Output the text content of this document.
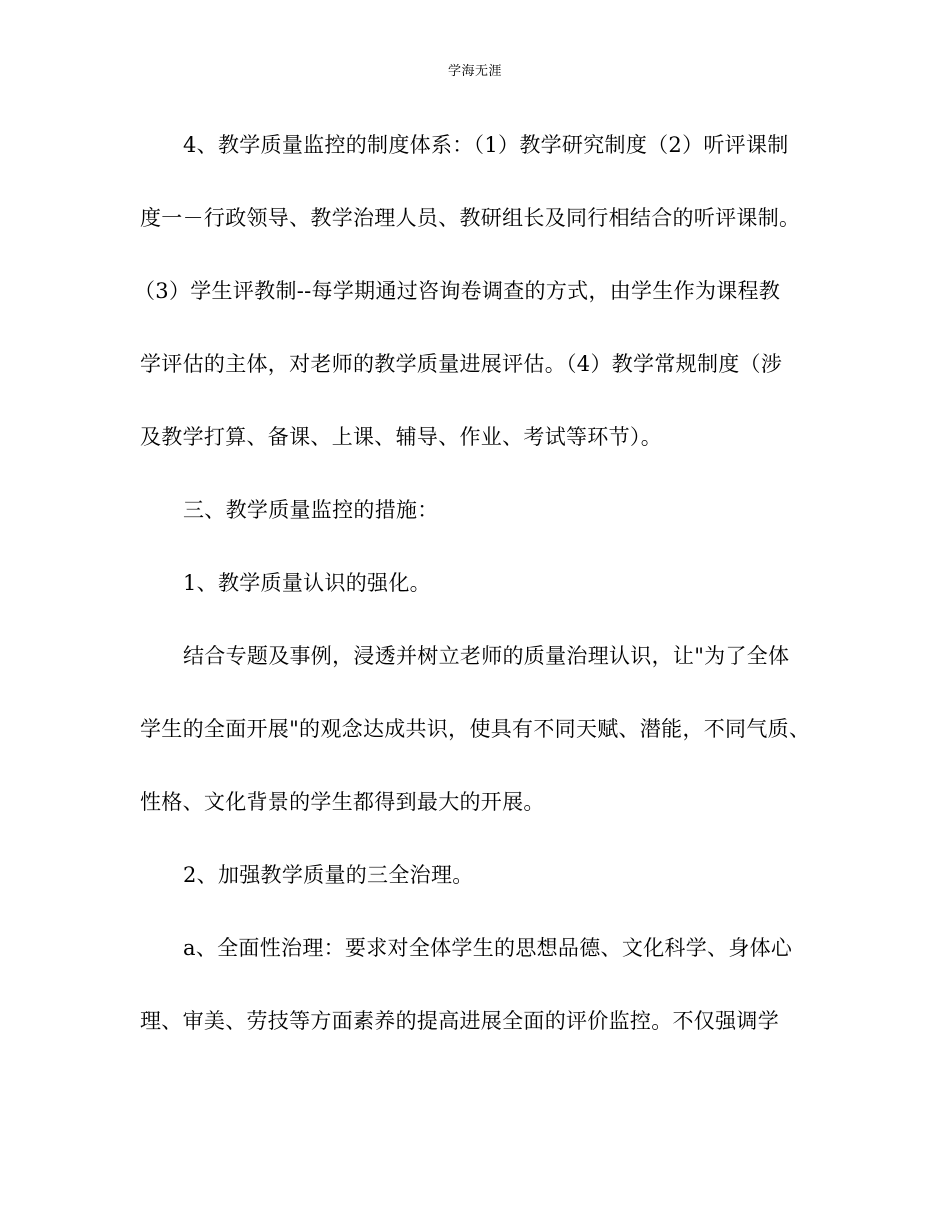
学海无涯
4、教学质量监控的制度体系：（1）教学研究制度（2）听评课制
度一－行政领导、教学治理人员、教研组长及同行相结合的听评课制。
（3）学生评教制--每学期通过咨询卷调查的方式，由学生作为课程教
学评估的主体，对老师的教学质量进展评估。（4）教学常规制度（涉
及教学打算、备课、上课、辅导、作业、考试等环节）。
三、教学质量监控的措施：
1、教学质量认识的强化。
结合专题及事例，浸透并树立老师的质量治理认识，让"为了全体
学生的全面开展"的观念达成共识，使具有不同天赋、潜能，不同气质、
性格、文化背景的学生都得到最大的开展。
2、加强教学质量的三全治理。
a、全面性治理：要求对全体学生的思想品德、文化科学、身体心
理、审美、劳技等方面素养的提高进展全面的评价监控。不仅强调学
